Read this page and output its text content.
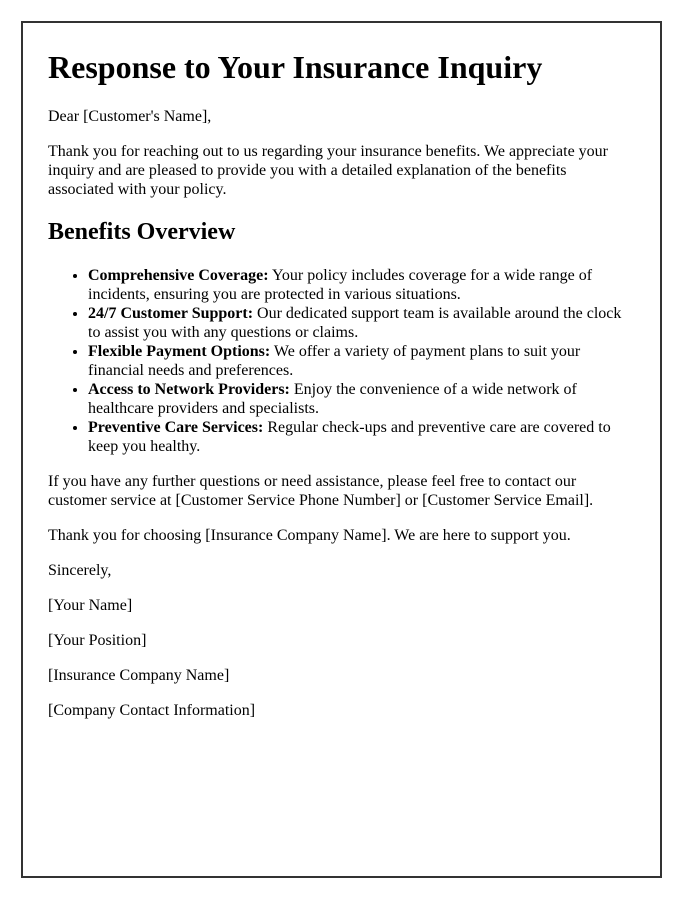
Response to Your Insurance Inquiry

Dear [Customer's Name],

Thank you for reaching out to us regarding your insurance benefits. We appreciate your inquiry and are pleased to provide you with a detailed explanation of the benefits associated with your policy.

Benefits Overview
• Comprehensive Coverage: Your policy includes coverage for a wide range of incidents, ensuring you are protected in various situations.
• 24/7 Customer Support: Our dedicated support team is available around the clock to assist you with any questions or claims.
• Flexible Payment Options: We offer a variety of payment plans to suit your financial needs and preferences.
• Access to Network Providers: Enjoy the convenience of a wide network of healthcare providers and specialists.
• Preventive Care Services: Regular check-ups and preventive care are covered to keep you healthy.

If you have any further questions or need assistance, please feel free to contact our customer service at [Customer Service Phone Number] or [Customer Service Email].

Thank you for choosing [Insurance Company Name]. We are here to support you.

Sincerely,

[Your Name]

[Your Position]

[Insurance Company Name]

[Company Contact Information]
